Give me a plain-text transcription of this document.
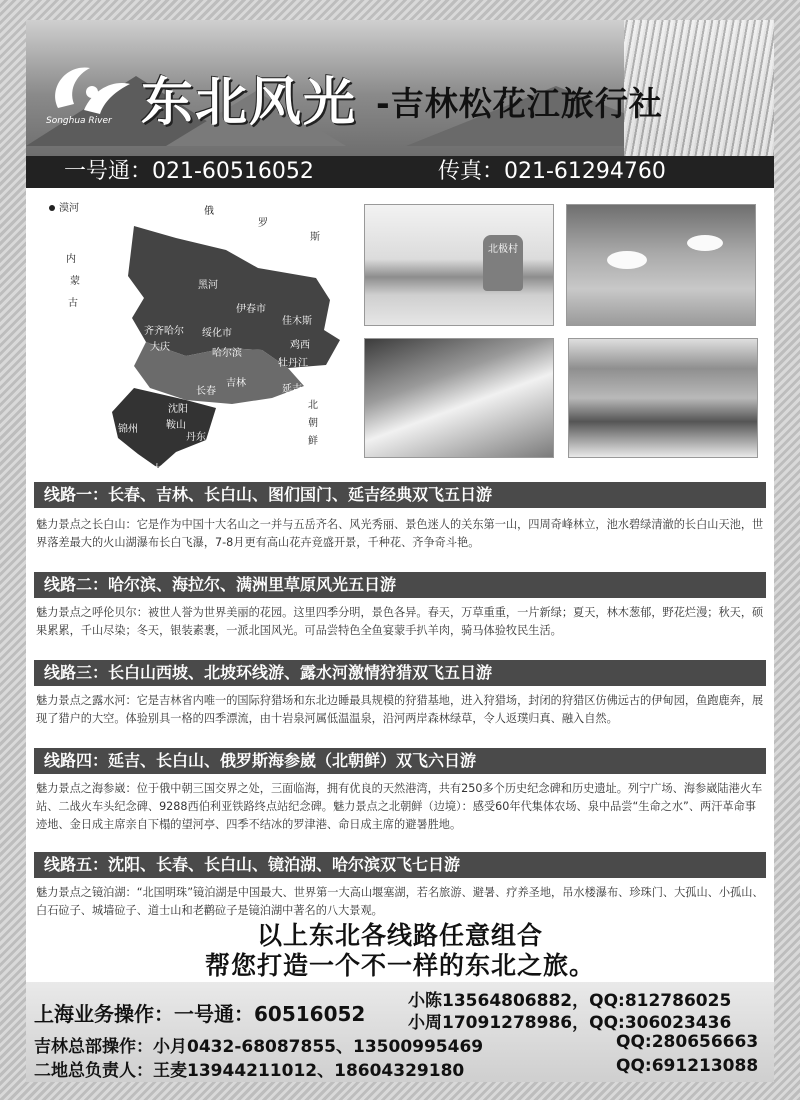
Songhua River 东北风光 -吉林松花江旅行社
一号通：021-60516052	传真：021-61294760
漠河	俄
罗
斯
内
蒙
古
黑河
伊春市
佳木斯
齐齐哈尔 绥化市
大庆
哈尔滨
鸡西
牡丹江
吉林
长春	延吉
北
朝
鲜
沈阳
鞍山
锦州
丹东
大连
北极村
线路一：长春、吉林、长白山、图们国门、延吉经典双飞五日游

魅力景点之长白山：它是作为中国十大名山之一并与五岳齐名、风光秀丽、景色迷人的关东第一山，四周奇峰林立，池水碧绿清澈的长白山天池，世界落差最大的火山湖瀑布长白飞瀑，7-8月更有高山花卉竞盛开景，千种花、齐争奇斗艳。

线路二：哈尔滨、海拉尔、满洲里草原风光五日游

魅力景点之呼伦贝尔：被世人誉为世界美丽的花园。这里四季分明，景色各异。春天，万草重重，一片新绿；夏天，林木葱郁，野花烂漫；秋天，硕果累累，千山尽染；冬天，银装素裹，一派北国风光。可品尝特色全鱼宴蒙手扒羊肉，骑马体验牧民生活。

线路三：长白山西坡、北坡环线游、露水河激情狩猎双飞五日游

魅力景点之露水河：它是吉林省内唯一的国际狩猎场和东北边睡最具规模的狩猎基地，进入狩猎场，封闭的狩猎区仿佛远古的伊甸园，鱼跑鹿奔，展现了猎户的大空。体验别具一格的四季漂流，由十岩泉河属低温温泉，沿河两岸森林绿草，令人返璞归真、融入自然。

线路四：延吉、长白山、俄罗斯海参崴（北朝鲜）双飞六日游

魅力景点之海参崴：位于俄中朝三国交界之处，三面临海，拥有优良的天然港湾，共有250多个历史纪念碑和历史遗址。列宁广场、海参崴陆港火车站、二战火车头纪念碑、9288西伯利亚铁路终点站纪念碑。魅力景点之北朝鲜（边境）：感受60年代集体农场、泉中品尝“生命之水”、两汗革命事迹地、金日成主席亲自下榻的望河亭、四季不结冰的罗津港、命日成主席的避暑胜地。

线路五：沈阳、长春、长白山、镜泊湖、哈尔滨双飞七日游

魅力景点之镜泊湖：“北国明珠”镜泊湖是中国最大、世界第一大高山堰塞湖，若名旅游、避暑、疗养圣地，吊水楼瀑布、珍珠门、大孤山、小孤山、白石砬子、城墙砬子、道士山和老鹳砬子是镜泊湖中著名的八大景观。

以上东北各线路任意组合
帮您打造一个不一样的东北之旅。
上海业务操作：一号通：60516052
小陈13564806882，QQ:812786025
小周17091278986，QQ:306023436
吉林总部操作：小月0432-68087855、13500995469	QQ:280656663
二地总负责人：王麦13944211012、18604329180	QQ:691213088
